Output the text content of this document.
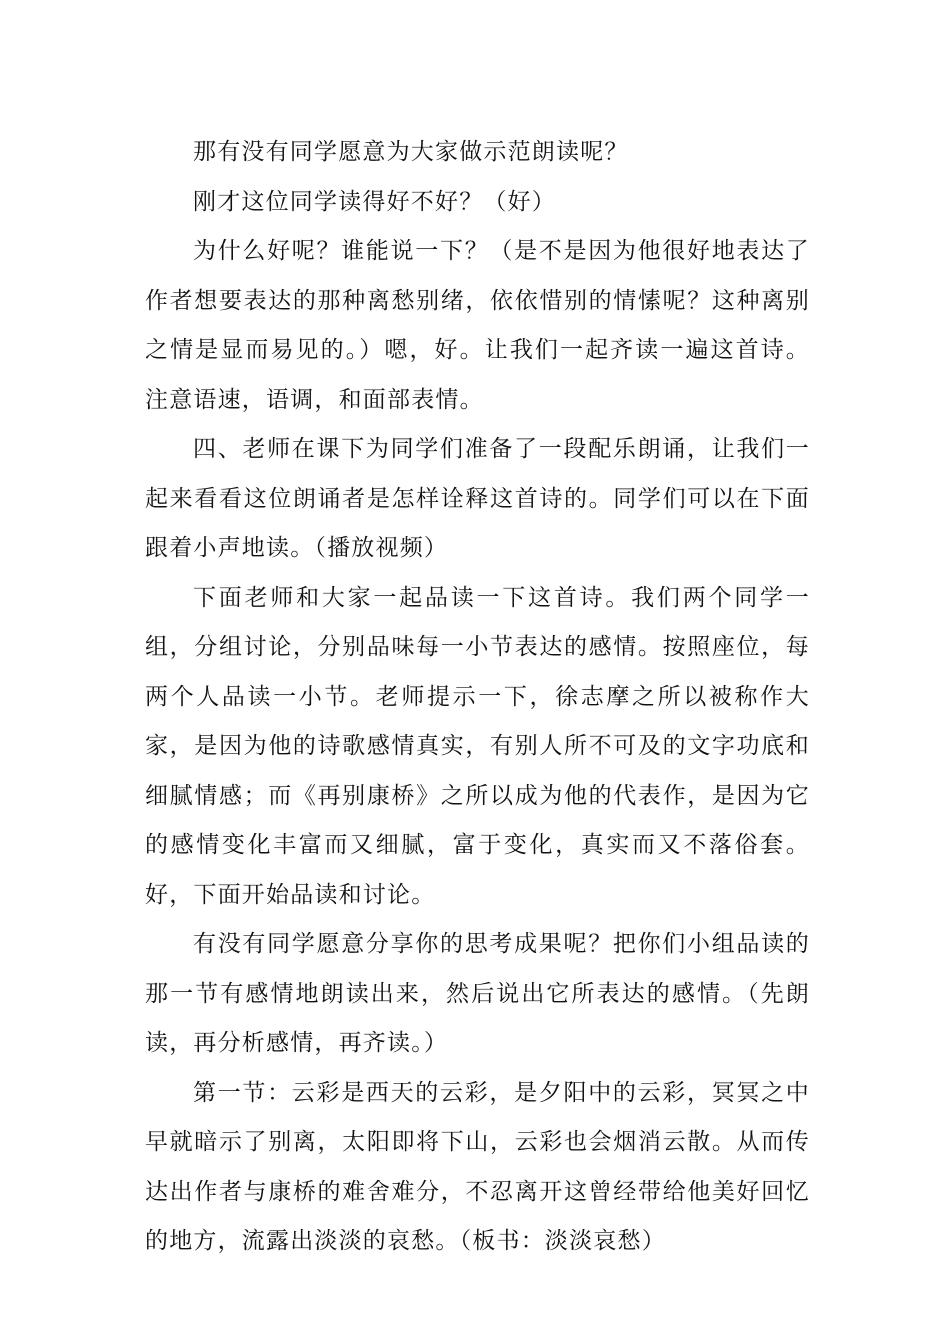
那有没有同学愿意为大家做示范朗读呢？

刚才这位同学读得好不好？（好）

为什么好呢？谁能说一下？（是不是因为他很好地表达了作者想要表达的那种离愁别绪，依依惜别的情愫呢？这种离别之情是显而易见的。）嗯，好。让我们一起齐读一遍这首诗。注意语速，语调，和面部表情。

四、老师在课下为同学们准备了一段配乐朗诵，让我们一起来看看这位朗诵者是怎样诠释这首诗的。同学们可以在下面跟着小声地读。（播放视频）

下面老师和大家一起品读一下这首诗。我们两个同学一组，分组讨论，分别品味每一小节表达的感情。按照座位，每两个人品读一小节。老师提示一下，徐志摩之所以被称作大家，是因为他的诗歌感情真实，有别人所不可及的文字功底和细腻情感；而《再别康桥》之所以成为他的代表作，是因为它的感情变化丰富而又细腻，富于变化，真实而又不落俗套。好，下面开始品读和讨论。

有没有同学愿意分享你的思考成果呢？把你们小组品读的那一节有感情地朗读出来，然后说出它所表达的感情。（先朗读，再分析感情，再齐读。）

第一节：云彩是西天的云彩，是夕阳中的云彩，冥冥之中早就暗示了别离，太阳即将下山，云彩也会烟消云散。从而传达出作者与康桥的难舍难分，不忍离开这曾经带给他美好回忆的地方，流露出淡淡的哀愁。（板书：淡淡哀愁）
